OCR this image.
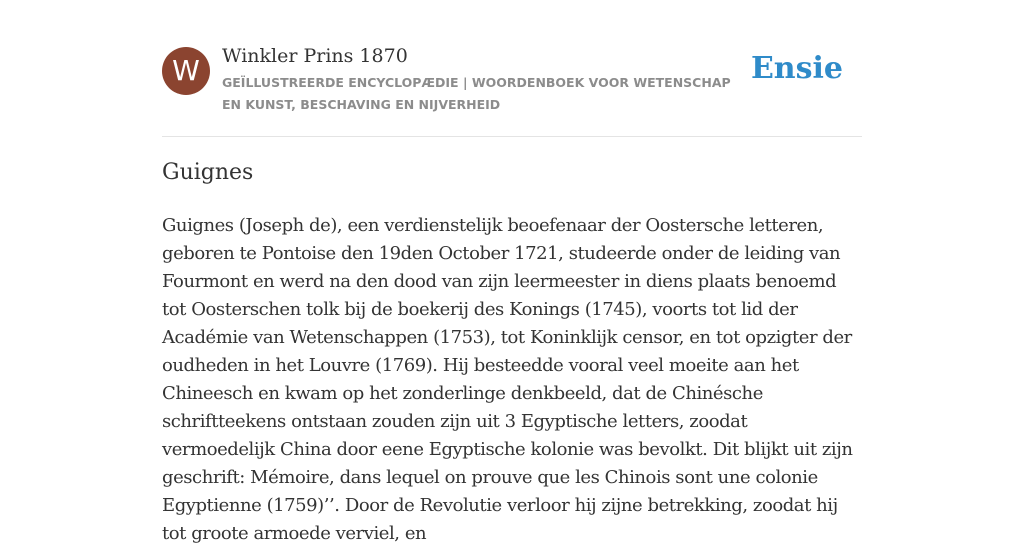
W	Winkler Prins 1870
GEÏLLUSTREERDE ENCYCLOPÆDIE | WOORDENBOEK VOOR WETENSCHAP EN KUNST, BESCHAVING EN NIJVERHEID
Ensie
Guignes

Guignes (Joseph de), een verdienstelijk beoefenaar der Oostersche letteren, geboren te Pontoise den 19den October 1721, studeerde onder de leiding van Fourmont en werd na den dood van zijn leermeester in diens plaats benoemd tot Oosterschen tolk bij de boekerij des Konings (1745), voorts tot lid der Académie van Wetenschappen (1753), tot Koninklijk censor, en tot opzigter der oudheden in het Louvre (1769). Hij besteedde vooral veel moeite aan het Chineesch en kwam op het zonderlinge denkbeeld, dat de Chinésche schriftteekens ontstaan zouden zijn uit 3 Egyptische letters, zoodat vermoedelijk China door eene Egyptische kolonie was bevolkt. Dit blijkt uit zijn geschrift: Mémoire, dans lequel on prouve que les Chinois sont une colonie Egyptienne (1759)’’. Door de Revolutie verloor hij zijne betrekking, zoodat hij tot groote armoede verviel, en
